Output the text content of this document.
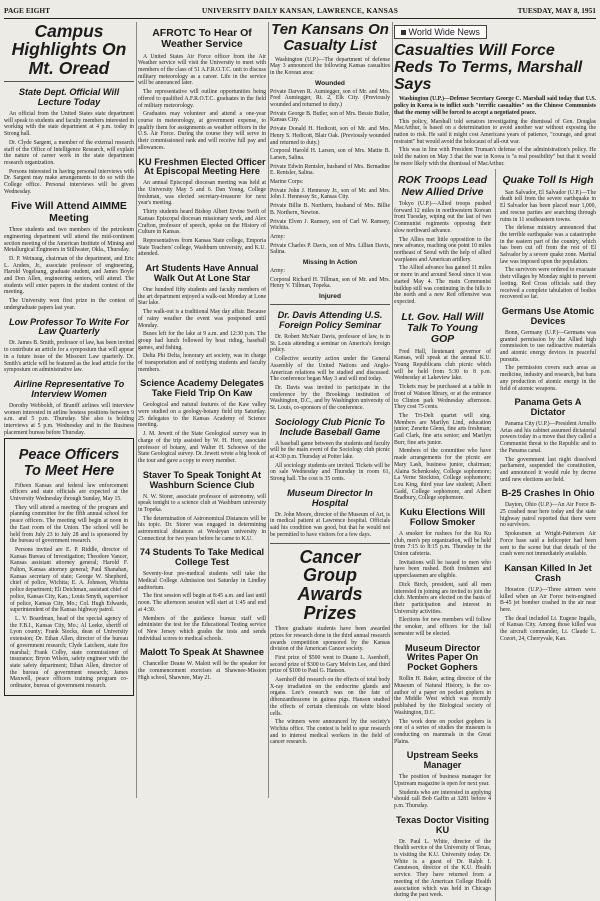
PAGE EIGHT	UNIVERSITY DAILY KANSAN, LAWRENCE, KANSAS	TUESDAY, MAY 8, 1951
Campus Highlights On Mt. Oread
State Dept. Official Will Lecture Today

An official from the United States state department will speak to students and faculty members interested in working with the state department at 4 p.m. today in Strong hall.

Dr. Clyde Sargent, a member of the external research staff of the Office of Intelligence Research, will explain the nature of career work in the state department research organization.

Persons interested in having personal interviews with Dr. Sargent may make arrangements to do so with the College office. Personal interviews will be given Wednesday.

Five Will Attend AIMME Meeting

Three students and two members of the petroleum engineering department will attend the mid-continent section meeting of the American Institute of Mining and Metallurgical Engineers in Stillwater, Okla., Thursday.

D. P. Weinaug, chairman of the department, and Eric L. Anders, Jr., associate professor of engineering, Harold Vogelsang, graduate student, and James Boyle and Don Allen, engineering seniors, will attend. The students will enter papers in the student contest of the meeting.

The University won first prize in the contest of undergraduate papers last year.

Low Professor To Write For Law Quarterly

Dr. James B. Smith, professor of law, has been invited to contribute an article for a symposium that will appear in a future issue of the Missouri Law quarterly. Dr. Smith's article will be featured as the lead article for the symposium on administrative law.

Airline Representative To Interview Women

Dorothy Webboldt, of Braniff airlines will interview women interested in airline hostess positions between 9 a.m. and 5 p.m. Thursday. She also is holding interviews at 5 p.m. Wednesday and in the Business placement bureau before Thursday.

Peace Officers To Meet Here

Fifteen Kansas and federal law enforcement officers and state officials are expected at the University Wednesday through Sunday, May 15.

They will attend a meeting of the program and planning committee for the fifth annual school for peace officers. The meeting will begin at noon in the East room of the Union. The school will be held from July 23 to July 28 and is sponsored by the bureau of government research.

Persons invited are E. P. Riddle, director of Kansas Bureau of Investigation; Theodore Vancer, Kansas assistant attorney general; Harold F. Fulton, Kansas attorney general; Paul Shanahan, Kansas secretary of state; George W. Shepherd, chief of police, Wichita; E. A. Johnson, Wichita police department; Eli Deichman, assistant chief of police, Kansas City, Kan.; Louis Smyth, supervisor of police, Kansas City, Mo.; Col. Hugh Edwards, superintendent of the Kansas highway patrol.

L. V. Boardman, head of the special agency of the F.B.I., Kansas City, Mo.; Al Leeke, sheriff of Lyon county; Frank Stocks, dean of University extension; Dr. Ethan Allen, director of the bureau of government research; Clyde Latchem, state fire marshal; Frank Colby, state commissioner of insurance; Bryon Wilson, safety engineer with the state safety department; Ethan Allen, director of the bureau of government research; James Maxwell, peace officers training program co-ordinator, bureau of government research.

AFROTC To Hear Of Weather Service

A United States Air Force officer from the Air Weather service will visit the University to meet with members of the class of 51 A.F.R.O.T.C. unit to discuss military meteorology as a career. Life in the service will be announced later.

The representative will outline opportunities being offered to qualified A.F.R.O.T.C. graduates in the field of military meteorology.

Graduates may volunteer and attend a one-year course in meteorology, at government expense, to qualify them for assignments as weather officers in the U.S. Air Force. During the course they will serve in their commissioned rank and will receive full pay and allowances.

KU Freshmen Elected Officer At Episcopal Meeting Here

An annual Episcopal diocesan meeting was held at the University May 5 and 6. Dan Young, College freshman, was elected secretary-treasurer for next year's meeting.

Thirty students heard Bishop Albert Ervine Swift of Kansas Episcopal diocesan missionary work, and Alex Crafton, professor of speech, spoke on the History of Culture in Kansas.

Representatives from Kansas State college, Emporia State Teachers' college, Washburn university, and K.U. attended.

Art Students Have Annual Walk Out At Lone Star

One hundred fifty students and faculty members of the art department enjoyed a walk-out Monday at Lone Star lake.

The walk-out is a traditional May day affair. Because of rainy weather the event was postponed until Monday.

Buses left for the lake at 9 a.m. and 12:30 p.m. The group had lunch followed by boat riding, baseball games, and fishing.

Delta Phi Delta, honorary art society, was in charge of transportation and of notifying students and faculty members.

Science Academy Delegates Take Field Trip On Kaw

Geological and natural features of the Kaw valley were studied on a geology-botany field trip Saturday. 25 delegates to the Kansas Academy of Science meeting.

J. M. Jewett of the State Geological survey was in charge of the trip assisted by W. H. Horr, associate professor of botany, and Walter H. Schoewe of the State Geological survey. Dr. Jewett wrote a big book of the tour and gave a copy to every member.

Staver To Speak Tonight At Washburn Science Club

N. W. Storer, associate professor of astronomy, will speak tonight to a science club at Washburn university in Topeka.

The determination of Astronomical Distances will be his topic. Dr. Storer was engaged in determining astronomical distances at Wesleyan university in Connecticut for two years before he came to K.U.

74 Students To Take Medical College Test

Seventy-four pre-medical students will take the Medical College Admission test Saturday in Lindley auditorium.

The first session will begin at 8:45 a.m. and last until noon. The afternoon session will start at 1:45 and end at 4:30.

Members of the guidance bureau staff will administer the test for the Educational Testing service of New Jersey which grades the tests and sends individual scores to medical schools.

Malott To Speak At Shawnee

Chancellor Deane W. Malott will be the speaker for the commencement exercises at Shawnee-Mission High school, Shawnee, May 21.

Ten Kansans On Casualty List

Washington (U.P.)—The department of defense May 3 announced the following Kansas casualties in the Korean area:

Wounded

Private Darven R. Aumiegger, son of Mr. and Mrs. Fred Aumiegger, Rt. 2, Elk City. (Previously wounded and returned to duty.)

Private George B. Butler, son of Mrs. Bessie Butler, Kansas City.

Private Donald H. Hedicott, son of Mr. and Mrs. Henry S. Hedicott, Blair Oak. (Previously wounded and returned to duty.)

Corporal Harold H. Larsen, son of Mrs. Mattie B. Larsen, Salina.

Private Edwin Rentsler, husband of Mrs. Bernadine E. Rentsler, Salina.

Marine Corps:

Private John J. Hennessy Jr., son of Mr. and Mrs. John J. Hennessy Sr., Kansas City.

Private Billie B. Northern, husband of Mrs. Billie B. Northern, Newton.

Private Elven J. Ramsey, son of Carl W. Ramsey, Wichita.

Army:

Private Charles P. Davis, son of Mrs. Lillian Davis, Salina.

Missing In Action

Army:

Corporal Richard H. Tillman, son of Mr. and Mrs. Henry V. Tillman, Topeka.

Injured
Dr. Davis Attending U.S. Foreign Policy Seminar

Dr. Robert McNair Davis, professor of law, is in St. Louis attending a seminar on America's foreign policy.

Collective security action under the General Assembly of the United Nations and Anglo-American relations will be studied and discussed. The conference began May 3 and will end today.

Dr. Davis was invited to participate in the conference by the Brookings institution of Washington, D.C., and by Washington university of St. Louis, co-sponsors of the conference.

Sociology Club Picnic To Include Baseball Game

A baseball game between the students and faculty will be the main event of the Sociology club picnic at 4:30 p.m. Thursday at Potter lake.

All sociology students are invited. Tickets will be on sale Wednesday and Thursday in room 61, Strong hall. The cost is 35 cents.

Museum Director In Hospital

Dr. John Moore, director of the Museum of Art, is in medical patient at Lawrence hospital. Officials said his condition was good, but that he would not be permitted to have visitors for a few days.

Cancer Group Awards Prizes

Three graduate students have been awarded prizes for research done in the third annual research awards competition sponsored by the Kansas division of the American Cancer society.

First prize of $500 went to Duane L. Asenhoff, second prize of $300 to Gary Melvin Lee, and third prize of $100 to Paul G. Hanson.

Asenhoff did research on the effects of total body X-ray irradiation on the endocrine glands and organs. Lee's research was on the fate of dibenzanthracene in guinea pigs. Hanson studied the effects of certain chemicals on white blood cells.

The winners were announced by the society's Wichita office. The contest is held to spur research and to interest medical workers in the field of cancer research.

World Wide News
Casualties Will Force Reds To Terms, Marshall Says

Washington (U.P.)—Defense Secretary George C. Marshall said today that U.S. policy in Korea is to inflict such "terrific casualties" on the Chinese Communists that the enemy will be forced to accept a negotiated peace.

This policy, Marshall told senators investigating the dismissal of Gen. Douglas MacArthur, is based on a determination to avoid another war without exposing the nation to risk. He said it might cost Americans years of patience, "courage, and great restraint" but would avoid the holocaust of all-out war.

This was in line with President Truman's defense of the administration's policy. He told the nation on May 3 that the war in Korea is "a real possibility" but that it would be more likely with the dismissal of MacArthur.

ROK Troops Lead New Allied Drive

Tokyo (U.P.)—Allied troops pushed forward 12 miles in northwestern Korean front Tuesday, wiping out the last of two Communist regiments opposing their slow northward advance.

The Allies met little opposition to the new advance, reaching one point 10 miles northeast of Seoul with the help of allied warplanes and American artillery.

The Allied advance has gained 11 miles or more in and around Seoul since it was started May 4. The main Communist buildup still was continuing in the hills to the north and a new Red offensive was expected.

Lt. Gov. Hall Will Talk To Young GOP

Fred Hall, lieutenant governor of Kansas, will speak at the annual K.U. Young Republicans club picnic which will be held from 5:30 to 8 p.m. Wednesday at Lakeview lake.

Tickets may be purchased at a table in front of Watson library, or at the entrance to Clinton park Wednesday afternoon. They cost 75 cents.

The Tri-Delt quartet will sing. Members are Marilyn Lind, education junior; Zenette Glenn, fine arts freshman; Gail Clark, fine arts senior; and Marilyn Burr, fine arts junior.

Members of the committee who have made arrangements for the picnic are Mary Lash, business junior, chairman; Alaina Schenkosky, College sophomore; La Verne Stockton, College sophomore; Lou King, third year law student; Albert Gadd, College sophomore, and Albert Bradbury, College sophomore.

Kuku Elections Will Follow Smoker

A smoker for rushees for the Ku Ku club, men's pep organization, will be held from 7:15 to 8:15 p.m. Thursday in the Union cafeteria.

Invitations will be issued to men who have been rushed. Both freshmen and upperclassmen are eligible.

Dick Birch, president, said all men interested in joining are invited to join the club. Members are elected on the basis of their participation and interest in University activities.

Elections for new members will follow the smoker, and officers for the fall semester will be elected.

Museum Director Writes Paper On Pocket Gophers

Rollin H. Baker, acting director of the Museum of Natural History, is the co-author of a paper on pocket gophers in the Middle West which was recently published by the Biological society of Washington, D.C.

The work done on pocket gophers is one of a series of studies the museum is conducting on mammals in the Great Plains.

Upstream Seeks Manager

The position of business manager for Upstream magazine is open for next year.

Students who are interested in applying should call Bob Gaffin at 3281 before 4 p.m. Thursday.

Texas Doctor Visiting KU

Dr. Paul L. White, director of the Health service of the University of Texas, is visiting the K.U. University today. Dr. White is a guest of Dr. Ralph I. Canuteson, director of the K.U. Health service. They have returned from a meeting of the American College Health association which was held in Chicago during the past week.

Quake Toll Is High

San Salvador, El Salvador (U.P.)—The death toll from the severe earthquake in El Salvador has been placed near 1,000, and rescue parties are searching through ruins in 11 southeastern towns.

The defense ministry announced that the terrible earthquake was a catastrophe in the eastern part of the country, which has been cut off from the rest of El Salvador by a severe quake zone. Martial law was imposed upon the population.

The survivors were ordered to evacuate their villages by Monday night to prevent looting. Red Cross officials said they received a complete tabulation of bodies recovered so far.

Germans Use Atomic Devices

Bonn, Germany (U.P.)—Germans was granted permission by the Allied high commission to use radioactive materials and atomic energy devices in peaceful pursuits.

The permission covers such areas as medicine, industry and research, but bans any production of atomic energy in the field of atomic weapons.

Panama Gets A Dictator

Panama City (U.P.)—President Arnulfo Arias and his cabinet assumed dictatorial powers today in a move that they called a Communist threat to the Republic and to the Panama canal.

The government last night dissolved parliament, suspended the constitution, and announced it would rule by decree until new elections are held.

B-25 Crashes In Ohio

Dayton, Ohio (U.P.)—An Air Force B-25 crashed near here today and the state highway patrol reported that there were no survivors.

Spokesmen at Wright-Patterson Air Force base said a helicopter had been sent to the scene but that details of the crash were not immediately available.

Kansan Killed In Jet Crash

Houston (U.P.)—Three airmen were killed when an Air Force twin-engined B-45 jet bomber crashed in the air near here.

The dead included Lt. Eugene Ingalls, of Kansas City. Among those killed was the aircraft commander, Lt. Claude L. Cozort, 24, Cherryvale, Kan.
